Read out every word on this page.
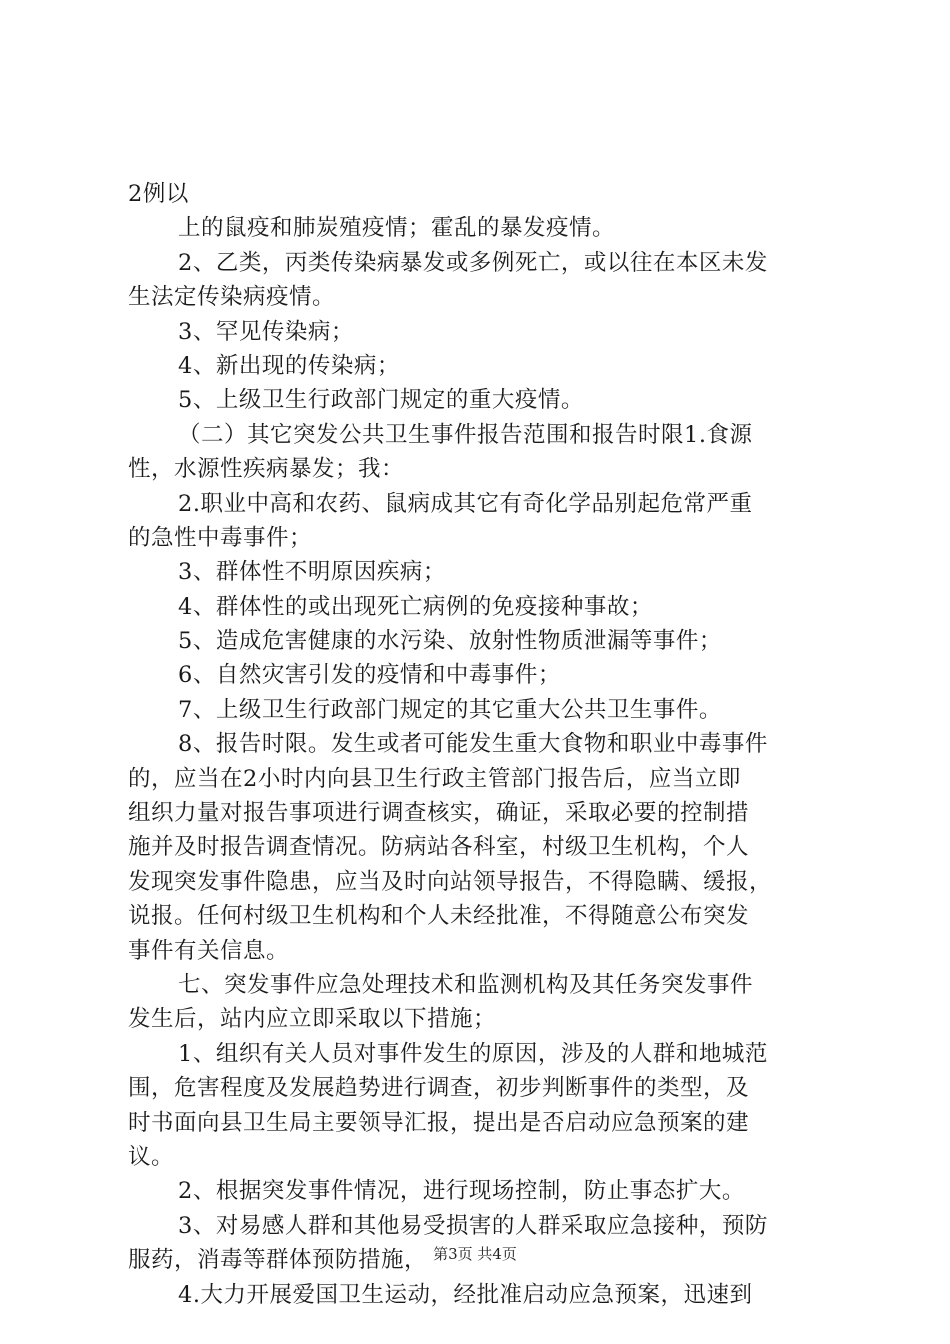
2例以
上的鼠疫和肺炭殖疫情；霍乱的暴发疫情。
2、乙类，丙类传染病暴发或多例死亡，或以往在本区未发
生法定传染病疫情。
3、罕见传染病；
4、新出现的传染病；
5、上级卫生行政部门规定的重大疫情。
（二）其它突发公共卫生事件报告范围和报告时限1.食源
性，水源性疾病暴发；我：
2.职业中高和农药、鼠病成其它有奇化学品别起危常严重
的急性中毒事件；
3、群体性不明原因疾病；
4、群体性的或出现死亡病例的免疫接种事故；
5、造成危害健康的水污染、放射性物质泄漏等事件；
6、自然灾害引发的疫情和中毒事件；
7、上级卫生行政部门规定的其它重大公共卫生事件。
8、报告时限。发生或者可能发生重大食物和职业中毒事件
的，应当在2小时内向县卫生行政主管部门报告后，应当立即
组织力量对报告事项进行调查核实，确证，采取必要的控制措
施并及时报告调查情况。防病站各科室，村级卫生机构，个人
发现突发事件隐患，应当及时向站领导报告，不得隐瞒、缓报，
说报。任何村级卫生机构和个人未经批准，不得随意公布突发
事件有关信息。
七、突发事件应急处理技术和监测机构及其任务突发事件
发生后，站内应立即采取以下措施；
1、组织有关人员对事件发生的原因，涉及的人群和地城范
围，危害程度及发展趋势进行调查，初步判断事件的类型，及
时书面向县卫生局主要领导汇报，提出是否启动应急预案的建
议。
2、根据突发事件情况，进行现场控制，防止事态扩大。
3、对易感人群和其他易受损害的人群采取应急接种，预防
服药，消毒等群体预防措施，
4.大力开展爱国卫生运动，经批准启动应急预案，迅速到
第3页 共4页
